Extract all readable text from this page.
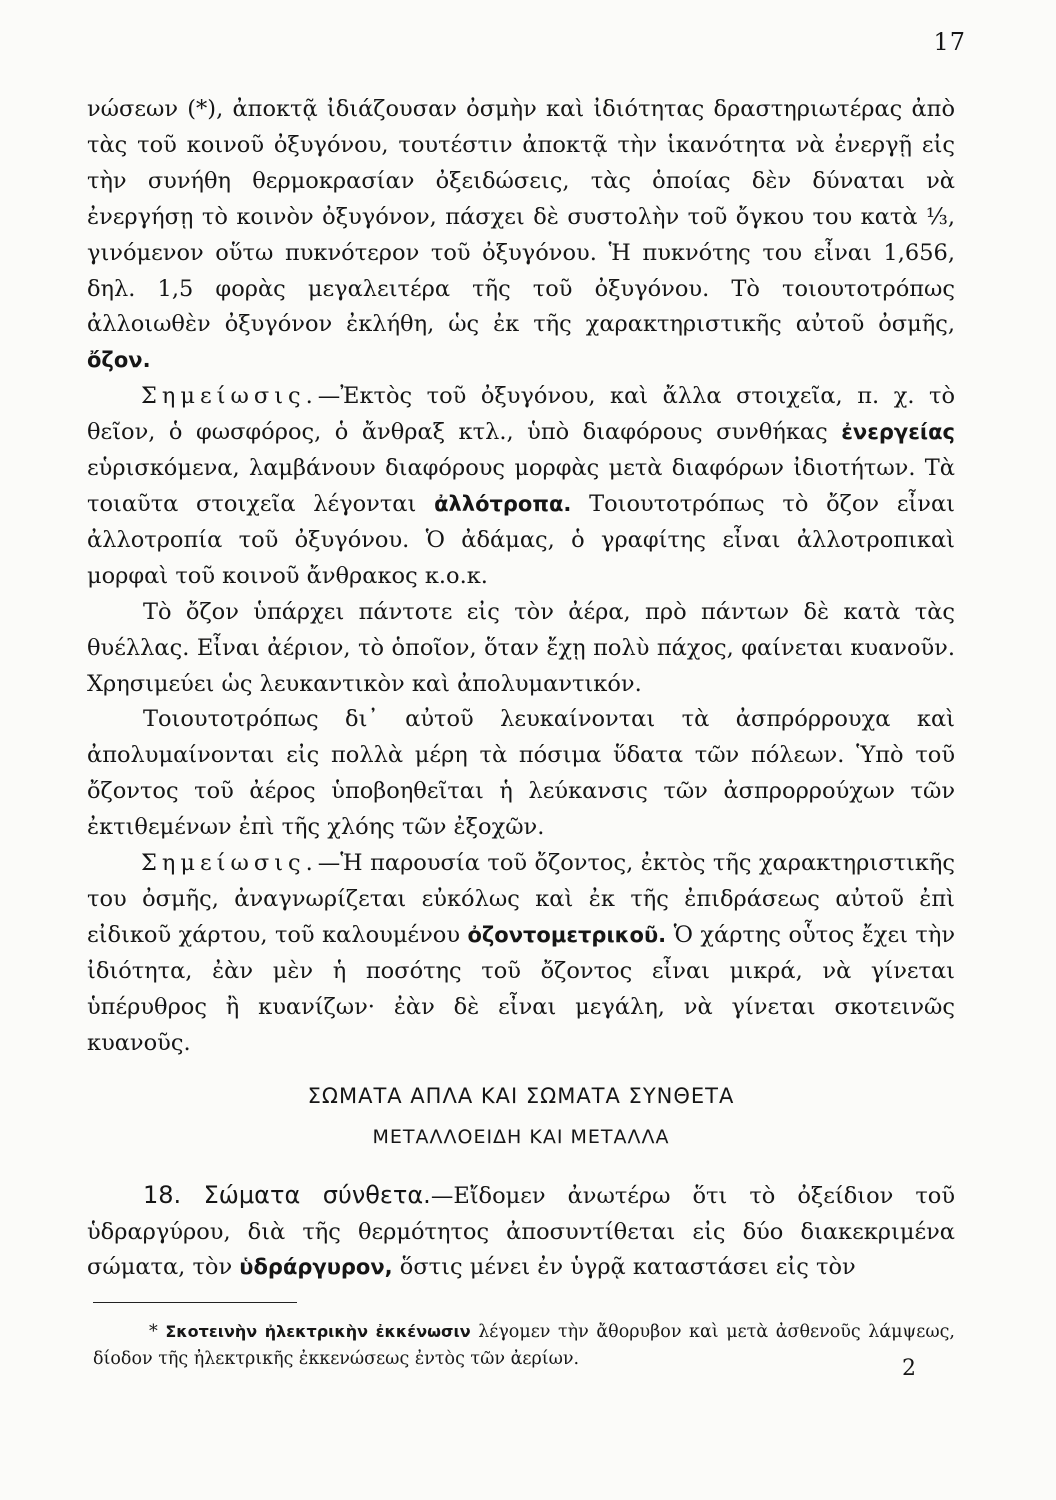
17

νώσεων (*), ἀποκτᾷ ἰδιάζουσαν ὀσμὴν καὶ ἰδιότητας δραστηριωτέρας ἀπὸ τὰς τοῦ κοινοῦ ὀξυγόνου, τουτέστιν ἀποκτᾷ τὴν ἱκανότητα νὰ ἐνεργῇ εἰς τὴν συνήθη θερμοκρασίαν ὀξειδώσεις, τὰς ὁποίας δὲν δύναται νὰ ἐνεργήσῃ τὸ κοινὸν ὀξυγόνον, πάσχει δὲ συστολὴν τοῦ ὄγκου του κατὰ ⅓, γινόμενον οὕτω πυκνότερον τοῦ ὀξυγόνου. Ἡ πυκνότης του εἶναι 1,656, δηλ. 1,5 φορὰς μεγαλειτέρα τῆς τοῦ ὀξυγόνου. Τὸ τοιουτοτρόπως ἀλλοιωθὲν ὀξυγόνον ἐκλήθη, ὡς ἐκ τῆς χαρακτηριστικῆς αὐτοῦ ὀσμῆς, ὄζον.

Σημείωσις.—Ἐκτὸς τοῦ ὀξυγόνου, καὶ ἄλλα στοιχεῖα, π. χ. τὸ θεῖον, ὁ φωσφόρος, ὁ ἄνθραξ κτλ., ὑπὸ διαφόρους συνθήκας ἐνεργείας εὑρισκόμενα, λαμβάνουν διαφόρους μορφὰς μετὰ διαφόρων ἰδιοτήτων. Τὰ τοιαῦτα στοιχεῖα λέγονται ἀλλότροπα. Τοιουτοτρόπως τὸ ὄζον εἶναι ἀλλοτροπία τοῦ ὀξυγόνου. Ὁ ἀδάμας, ὁ γραφίτης εἶναι ἀλλοτροπικαὶ μορφαὶ τοῦ κοινοῦ ἄνθρακος κ.ο.κ.

Τὸ ὄζον ὑπάρχει πάντοτε εἰς τὸν ἀέρα, πρὸ πάντων δὲ κατὰ τὰς θυέλλας. Εἶναι ἀέριον, τὸ ὁποῖον, ὅταν ἔχῃ πολὺ πάχος, φαίνεται κυανοῦν. Χρησιμεύει ὡς λευκαντικὸν καὶ ἀπολυμαντικόν.

Τοιουτοτρόπως δι᾽ αὐτοῦ λευκαίνονται τὰ ἀσπρόρρουχα καὶ ἀπολυμαίνονται εἰς πολλὰ μέρη τὰ πόσιμα ὕδατα τῶν πόλεων. Ὑπὸ τοῦ ὄζοντος τοῦ ἀέρος ὑποβοηθεῖται ἡ λεύκανσις τῶν ἀσπρορρούχων τῶν ἐκτιθεμένων ἐπὶ τῆς χλόης τῶν ἐξοχῶν.

Σημείωσις.—Ἡ παρουσία τοῦ ὄζοντος, ἐκτὸς τῆς χαρακτηριστικῆς του ὀσμῆς, ἀναγνωρίζεται εὐκόλως καὶ ἐκ τῆς ἐπιδράσεως αὐτοῦ ἐπὶ εἰδικοῦ χάρτου, τοῦ καλουμένου ὀζοντομετρικοῦ. Ὁ χάρτης οὗτος ἔχει τὴν ἰδιότητα, ἐὰν μὲν ἡ ποσότης τοῦ ὄζοντος εἶναι μικρά, νὰ γίνεται ὑπέρυθρος ἢ κυανίζων· ἐὰν δὲ εἶναι μεγάλη, νὰ γίνεται σκοτεινῶς κυανοῦς.

ΣΩΜΑΤΑ ΑΠΛΑ ΚΑΙ ΣΩΜΑΤΑ ΣΥΝΘΕΤΑ
ΜΕΤΑΛΛΟΕΙΔΗ ΚΑΙ ΜΕΤΑΛΛΑ

18. Σώματα σύνθετα.—Εἴδομεν ἀνωτέρω ὅτι τὸ ὀξείδιον τοῦ ὑδραργύρου, διὰ τῆς θερμότητος ἀποσυντίθεται εἰς δύο διακεκριμένα σώματα, τὸν ὑδράργυρον, ὅστις μένει ἐν ὑγρᾷ καταστάσει εἰς τὸν

* Σκοτεινὴν ἠλεκτρικὴν ἐκκένωσιν λέγομεν τὴν ἄθορυβον καὶ μετὰ ἀσθενοῦς λάμψεως, δίοδον τῆς ἠλεκτρικῆς ἐκκενώσεως ἐντὸς τῶν ἀερίων.	2
